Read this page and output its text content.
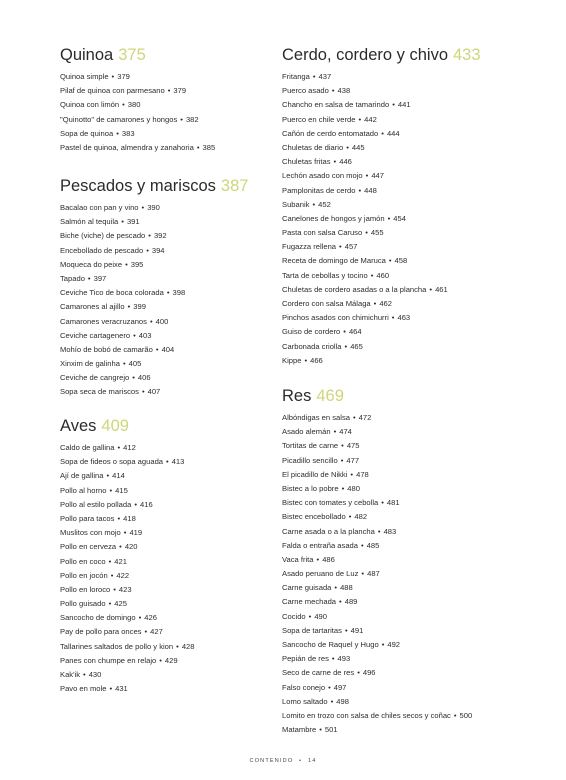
Quinoa 375
Quinoa simple • 379
Pilaf de quinoa con parmesano • 379
Quinoa con limón • 380
"Quinotto" de camarones y hongos • 382
Sopa de quinoa • 383
Pastel de quinoa, almendra y zanahoria • 385
Pescados y mariscos 387
Bacalao con pan y vino • 390
Salmón al tequila • 391
Biche (viche) de pescado • 392
Encebollado de pescado • 394
Moqueca do peixe • 395
Tapado • 397
Ceviche Tico de boca colorada • 398
Camarones al ajillo • 399
Camarones veracruzanos • 400
Ceviche cartagenero • 403
Mohío de bobó de camarão • 404
Xinxim de galinha • 405
Ceviche de cangrejo • 406
Sopa seca de mariscos • 407
Aves 409
Caldo de gallina • 412
Sopa de fideos o sopa aguada • 413
Ají de gallina • 414
Pollo al horno • 415
Pollo al estilo pollada • 416
Pollo para tacos • 418
Muslitos con mojo • 419
Pollo en cerveza • 420
Pollo en coco • 421
Pollo en jocón • 422
Pollo en loroco • 423
Pollo guisado • 425
Sancocho de domingo • 426
Pay de pollo para onces • 427
Tallarines saltados de pollo y kion • 428
Panes con chumpe en relajo • 429
Kak'ik • 430
Pavo en mole • 431
Cerdo, cordero y chivo 433
Fritanga • 437
Puerco asado • 438
Chancho en salsa de tamarindo • 441
Puerco en chile verde • 442
Cañón de cerdo entomatado • 444
Chuletas de diario • 445
Chuletas fritas • 446
Lechón asado con mojo • 447
Pamplonitas de cerdo • 448
Subanik • 452
Canelones de hongos y jamón • 454
Pasta con salsa Caruso • 455
Fugazza rellena • 457
Receta de domingo de Maruca • 458
Tarta de cebollas y tocino • 460
Chuletas de cordero asadas o a la plancha • 461
Cordero con salsa Málaga • 462
Pinchos asados con chimichurri • 463
Guiso de cordero • 464
Carbonada criolla • 465
Kippe • 466
Res 469
Albóndigas en salsa • 472
Asado alemán • 474
Tortitas de carne • 475
Picadillo sencillo • 477
El picadillo de Nikki • 478
Bistec a lo pobre • 480
Bistec con tomates y cebolla • 481
Bistec encebollado • 482
Carne asada o a la plancha • 483
Falda o entraña asada • 485
Vaca frita • 486
Asado peruano de Luz • 487
Carne guisada • 488
Carne mechada • 489
Cocido • 490
Sopa de tartaritas • 491
Sancocho de Raquel y Hugo • 492
Pepián de res • 493
Seco de carne de res • 496
Falso conejo • 497
Lomo saltado • 498
Lomito en trozo con salsa de chiles secos y coñac • 500
Matambre • 501
CONTENIDO • 14
